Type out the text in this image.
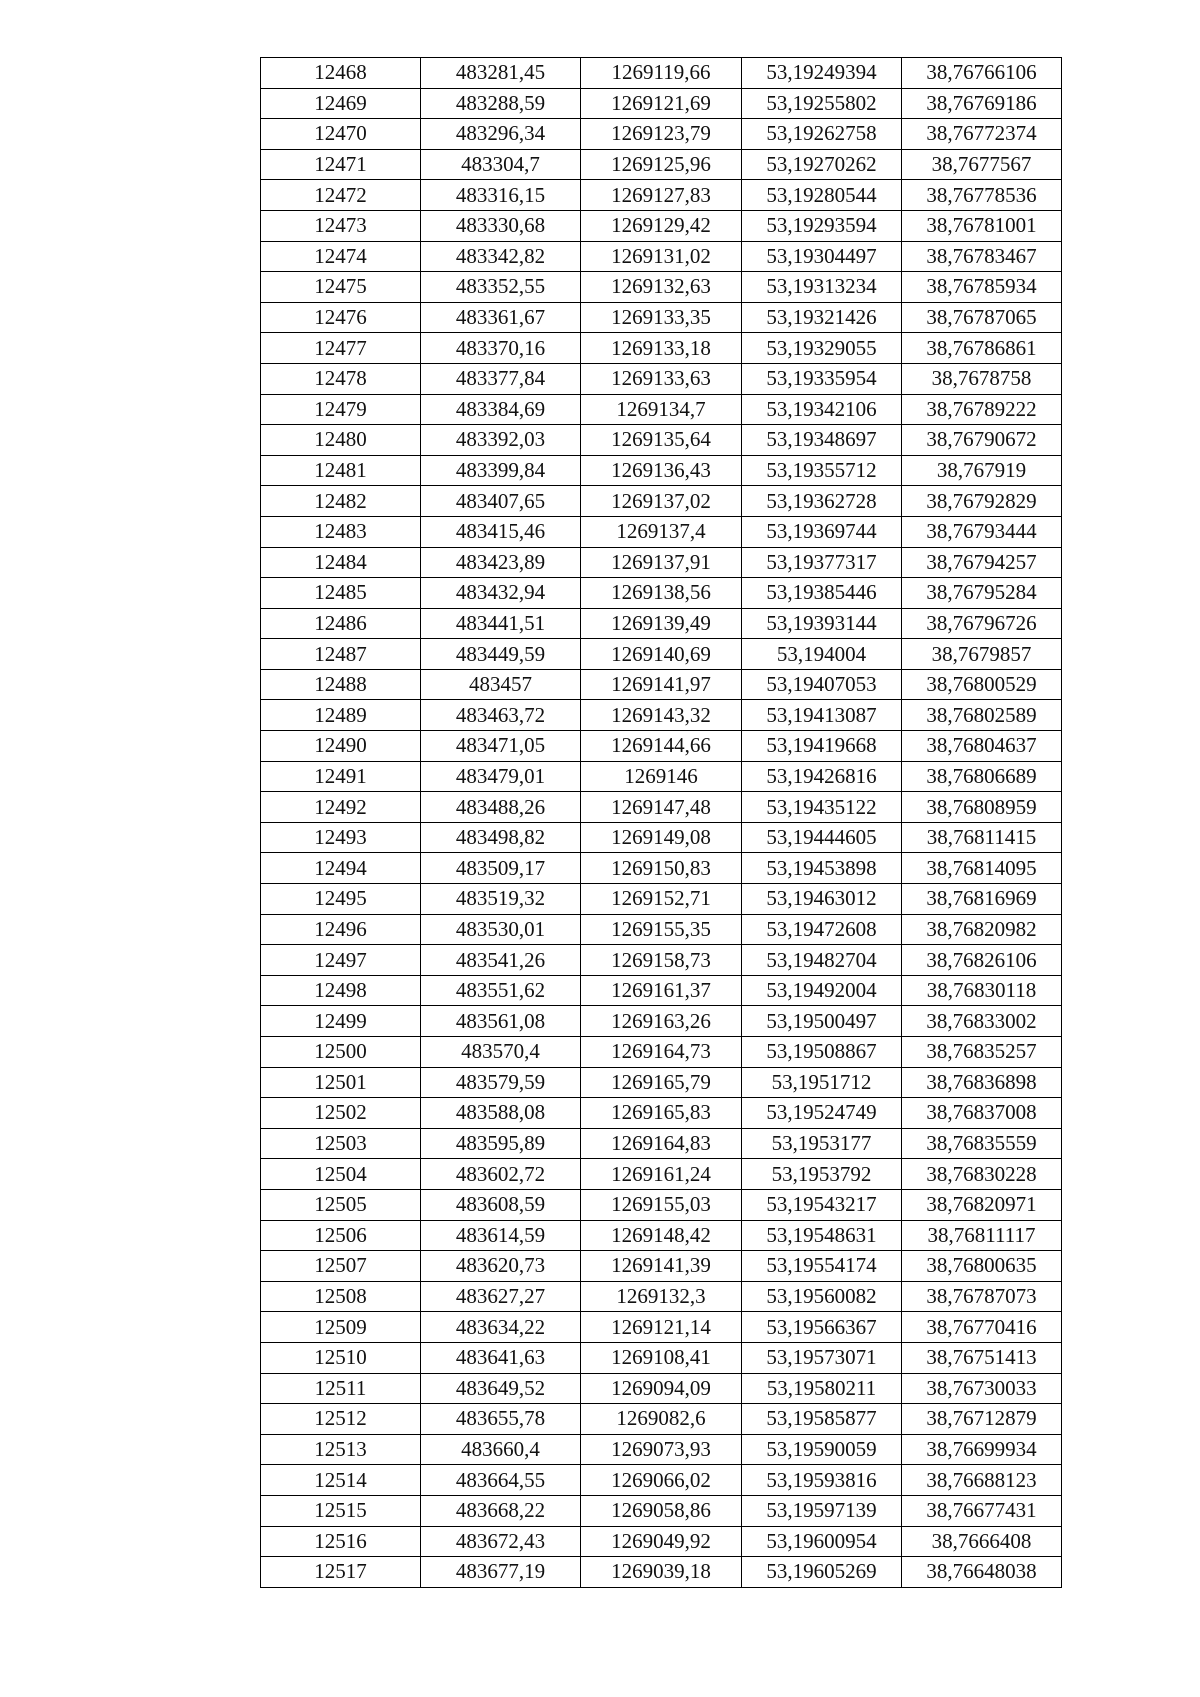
12468	483281,45	1269119,66	53,19249394	38,76766106
12469	483288,59	1269121,69	53,19255802	38,76769186
12470	483296,34	1269123,79	53,19262758	38,76772374
12471	483304,7	1269125,96	53,19270262	38,7677567
12472	483316,15	1269127,83	53,19280544	38,76778536
12473	483330,68	1269129,42	53,19293594	38,76781001
12474	483342,82	1269131,02	53,19304497	38,76783467
12475	483352,55	1269132,63	53,19313234	38,76785934
12476	483361,67	1269133,35	53,19321426	38,76787065
12477	483370,16	1269133,18	53,19329055	38,76786861
12478	483377,84	1269133,63	53,19335954	38,7678758
12479	483384,69	1269134,7	53,19342106	38,76789222
12480	483392,03	1269135,64	53,19348697	38,76790672
12481	483399,84	1269136,43	53,19355712	38,767919
12482	483407,65	1269137,02	53,19362728	38,76792829
12483	483415,46	1269137,4	53,19369744	38,76793444
12484	483423,89	1269137,91	53,19377317	38,76794257
12485	483432,94	1269138,56	53,19385446	38,76795284
12486	483441,51	1269139,49	53,19393144	38,76796726
12487	483449,59	1269140,69	53,194004	38,7679857
12488	483457	1269141,97	53,19407053	38,76800529
12489	483463,72	1269143,32	53,19413087	38,76802589
12490	483471,05	1269144,66	53,19419668	38,76804637
12491	483479,01	1269146	53,19426816	38,76806689
12492	483488,26	1269147,48	53,19435122	38,76808959
12493	483498,82	1269149,08	53,19444605	38,76811415
12494	483509,17	1269150,83	53,19453898	38,76814095
12495	483519,32	1269152,71	53,19463012	38,76816969
12496	483530,01	1269155,35	53,19472608	38,76820982
12497	483541,26	1269158,73	53,19482704	38,76826106
12498	483551,62	1269161,37	53,19492004	38,76830118
12499	483561,08	1269163,26	53,19500497	38,76833002
12500	483570,4	1269164,73	53,19508867	38,76835257
12501	483579,59	1269165,79	53,1951712	38,76836898
12502	483588,08	1269165,83	53,19524749	38,76837008
12503	483595,89	1269164,83	53,1953177	38,76835559
12504	483602,72	1269161,24	53,1953792	38,76830228
12505	483608,59	1269155,03	53,19543217	38,76820971
12506	483614,59	1269148,42	53,19548631	38,76811117
12507	483620,73	1269141,39	53,19554174	38,76800635
12508	483627,27	1269132,3	53,19560082	38,76787073
12509	483634,22	1269121,14	53,19566367	38,76770416
12510	483641,63	1269108,41	53,19573071	38,76751413
12511	483649,52	1269094,09	53,19580211	38,76730033
12512	483655,78	1269082,6	53,19585877	38,76712879
12513	483660,4	1269073,93	53,19590059	38,76699934
12514	483664,55	1269066,02	53,19593816	38,76688123
12515	483668,22	1269058,86	53,19597139	38,76677431
12516	483672,43	1269049,92	53,19600954	38,7666408
12517	483677,19	1269039,18	53,19605269	38,76648038
